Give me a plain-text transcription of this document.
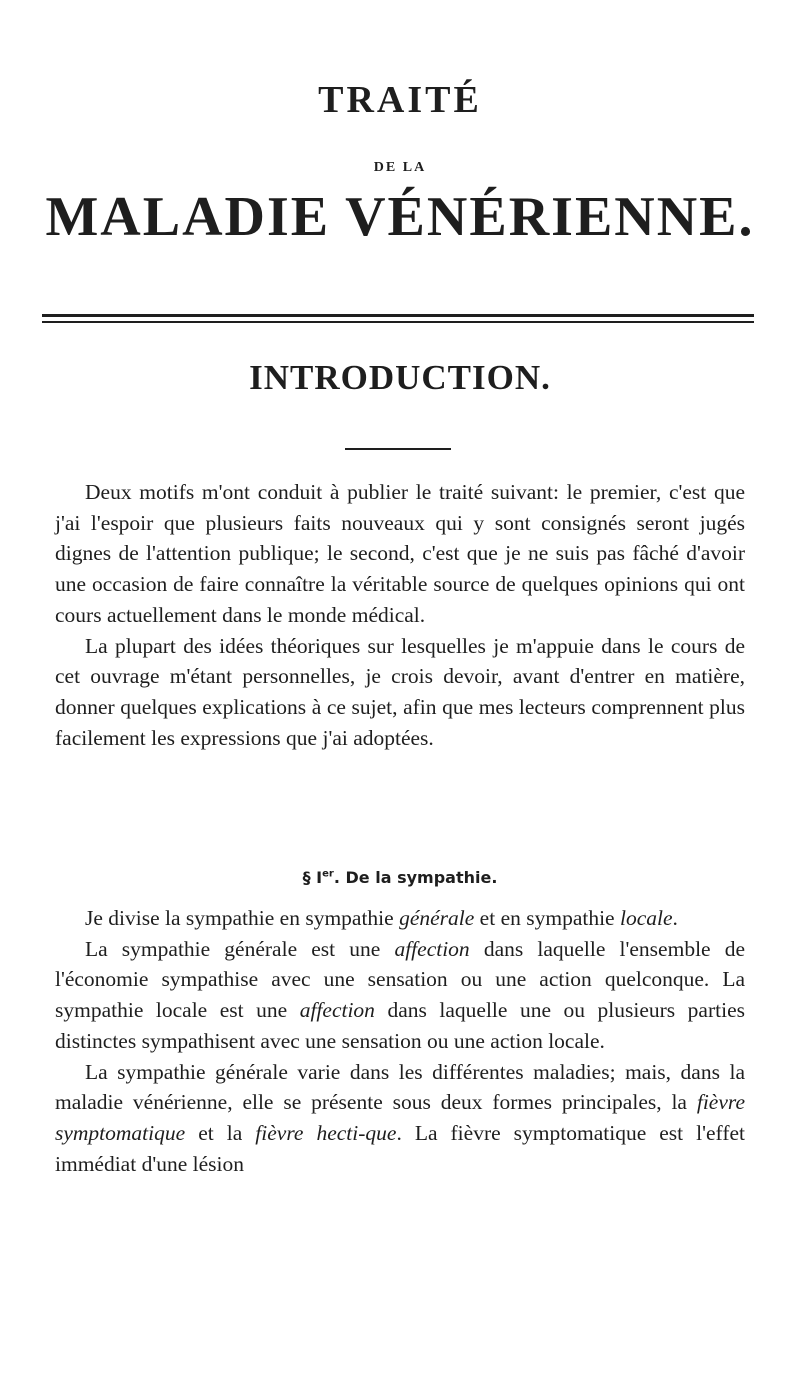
TRAITÉ
DE LA
MALADIE VÉNÉRIENNE.
INTRODUCTION.

Deux motifs m'ont conduit à publier le traité suivant: le premier, c'est que j'ai l'espoir que plusieurs faits nouveaux qui y sont consignés seront jugés dignes de l'attention publique; le second, c'est que je ne suis pas fâché d'avoir une occasion de faire connaître la véritable source de quelques opinions qui ont cours actuellement dans le monde médical.

La plupart des idées théoriques sur lesquelles je m'appuie dans le cours de cet ouvrage m'étant personnelles, je crois devoir, avant d'entrer en matière, donner quelques explications à ce sujet, afin que mes lecteurs comprennent plus facilement les expressions que j'ai adoptées.

§ Ier. De la sympathie.

Je divise la sympathie en sympathie générale et en sympathie locale.

La sympathie générale est une affection dans laquelle l'ensemble de l'économie sympathise avec une sensation ou une action quelconque. La sympathie locale est une affection dans laquelle une ou plusieurs parties distinctes sympathisent avec une sensation ou une action locale.

La sympathie générale varie dans les différentes maladies; mais, dans la maladie vénérienne, elle se présente sous deux formes principales, la fièvre symptomatique et la fièvre hecti-que. La fièvre symptomatique est l'effet immédiat d'une lésion
